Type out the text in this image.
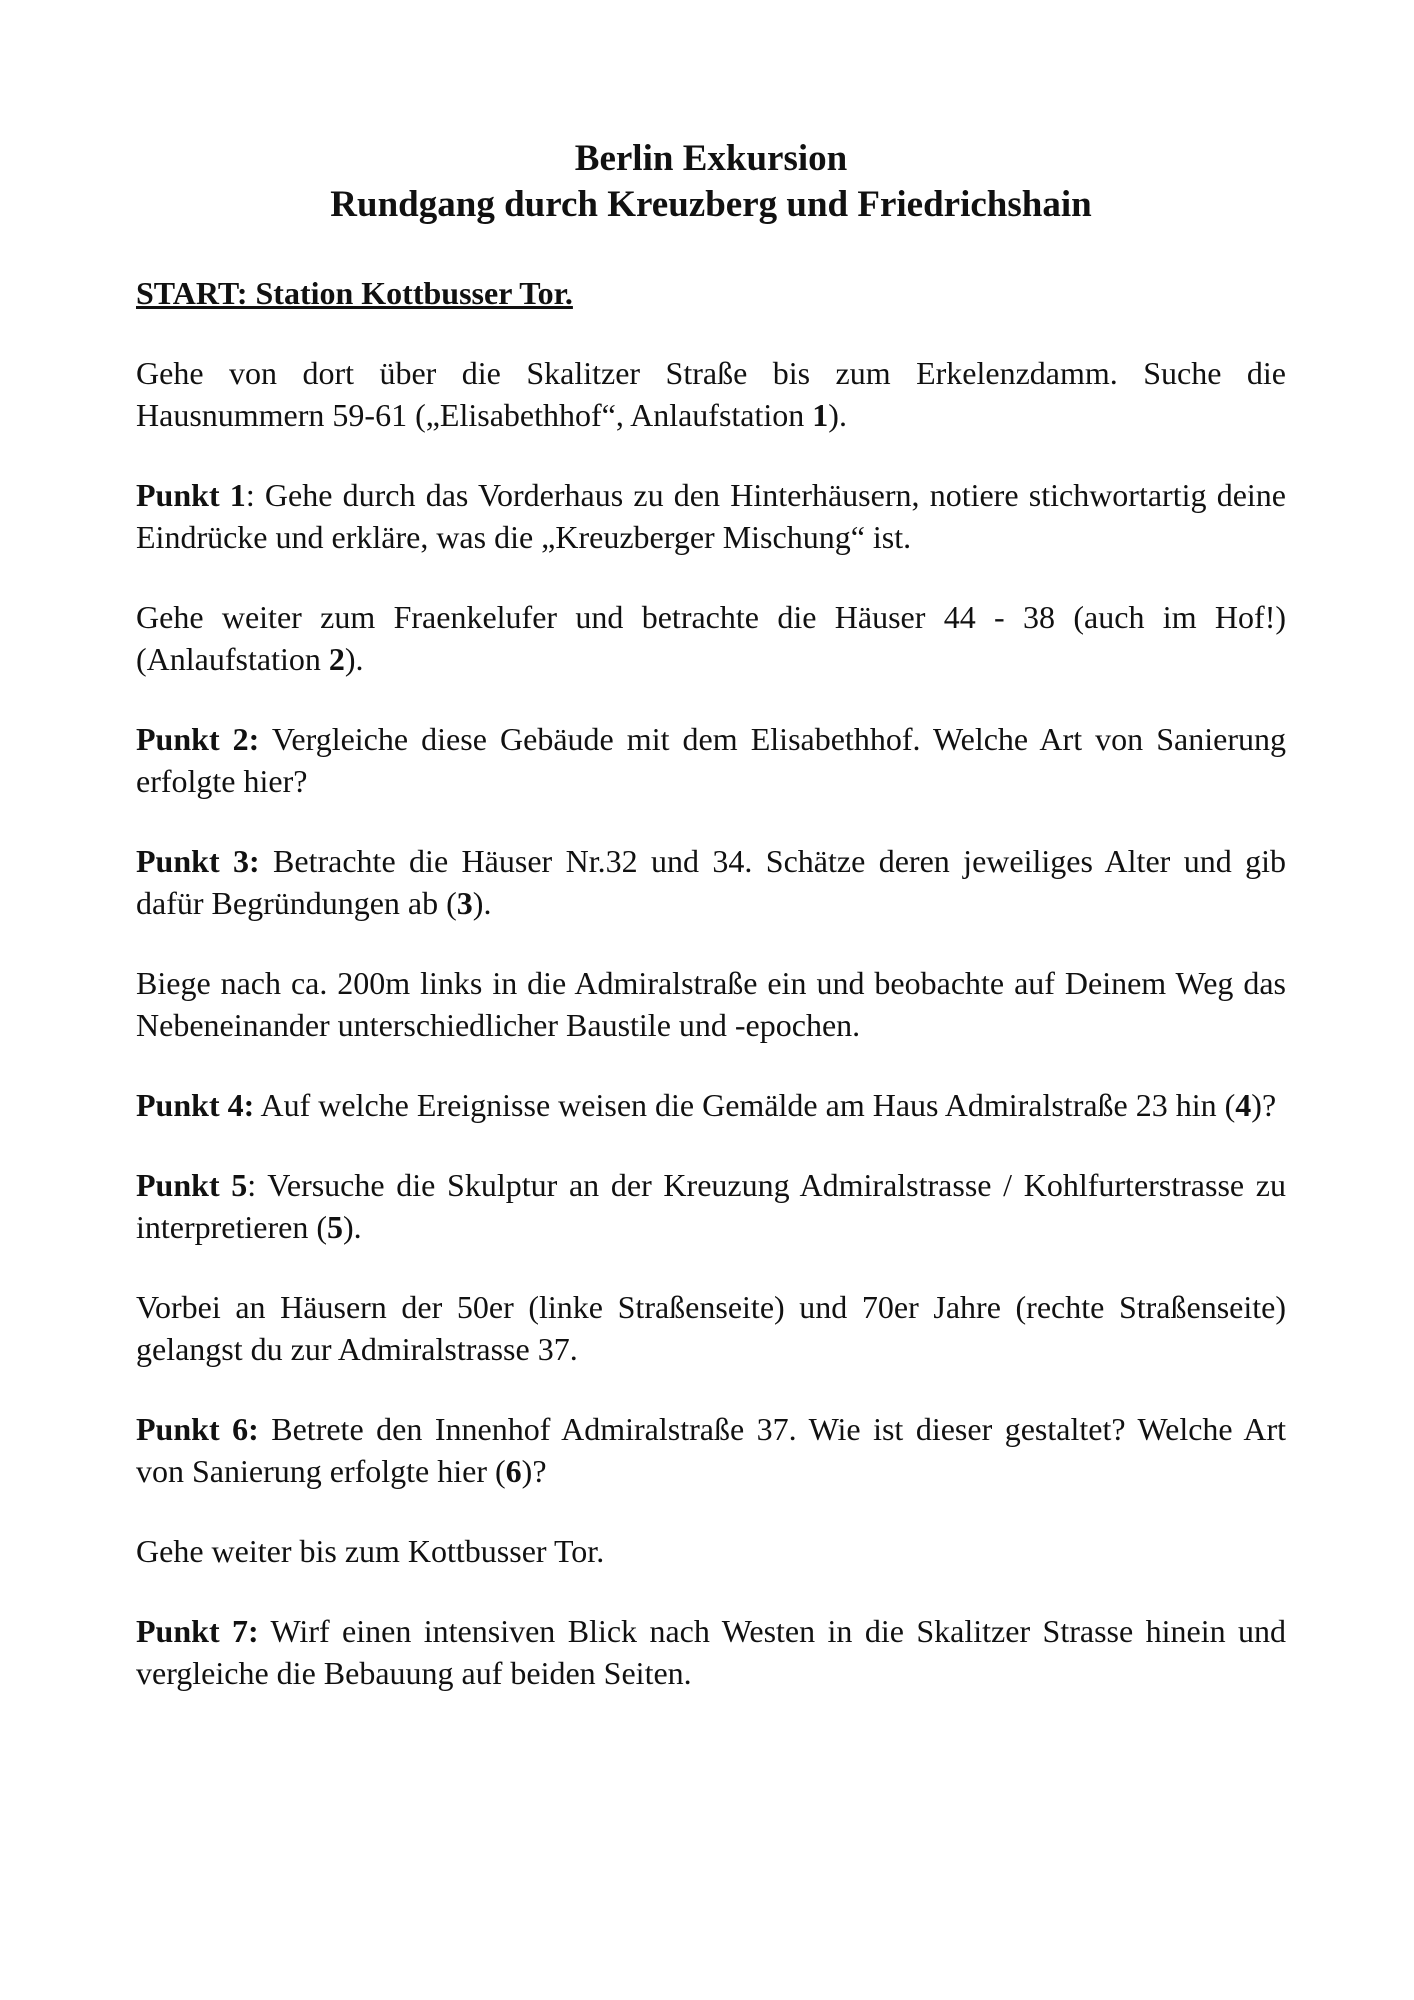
Berlin Exkursion
Rundgang durch Kreuzberg und Friedrichshain
START: Station Kottbusser Tor.

Gehe von dort über die Skalitzer Straße bis zum Erkelenzdamm. Suche die Hausnummern 59-61 („Elisabethhof“, Anlaufstation 1).

Punkt 1: Gehe durch das Vorderhaus zu den Hinterhäusern, notiere stichwortartig deine Eindrücke und erkläre, was die „Kreuzberger Mischung“ ist.

Gehe weiter zum Fraenkelufer und betrachte die Häuser 44 - 38 (auch im Hof!) (Anlaufstation 2).

Punkt 2: Vergleiche diese Gebäude mit dem Elisabethhof. Welche Art von Sanierung erfolgte hier?

Punkt 3: Betrachte die Häuser Nr.32 und 34. Schätze deren jeweiliges Alter und gib dafür Begründungen ab (3).

Biege nach ca. 200m links in die Admiralstraße ein und beobachte auf Deinem Weg das Nebeneinander unterschiedlicher Baustile und -epochen.

Punkt 4: Auf welche Ereignisse weisen die Gemälde am Haus Admiralstraße 23 hin (4)?

Punkt 5: Versuche die Skulptur an der Kreuzung Admiralstrasse / Kohlfurterstrasse zu interpretieren (5).

Vorbei an Häusern der 50er (linke Straßenseite) und 70er Jahre (rechte Straßenseite) gelangst du zur Admiralstrasse 37.

Punkt 6: Betrete den Innenhof Admiralstraße 37. Wie ist dieser gestaltet? Welche Art von Sanierung erfolgte hier (6)?

Gehe weiter bis zum Kottbusser Tor.

Punkt 7: Wirf einen intensiven Blick nach Westen in die Skalitzer Strasse hinein und vergleiche die Bebauung auf beiden Seiten.
